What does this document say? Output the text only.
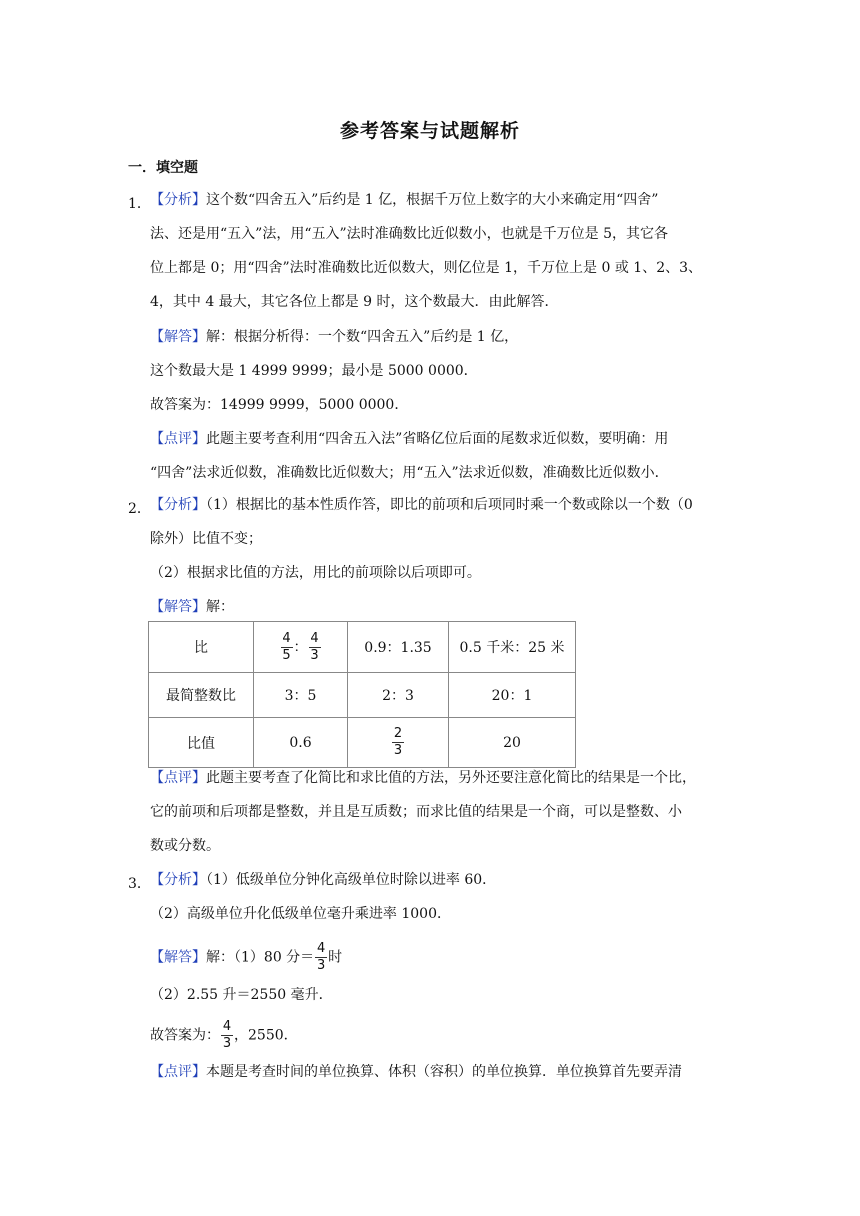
参考答案与试题解析
一．填空题
1． 【分析】这个数“四舍五入”后约是 1 亿，根据千万位上数字的大小来确定用“四舍”
法、还是用“五入”法，用“五入”法时准确数比近似数小，也就是千万位是 5，其它各
位上都是 0；用“四舍”法时准确数比近似数大，则亿位是 1，千万位上是 0 或 1、2、3、
4，其中 4 最大，其它各位上都是 9 时，这个数最大．由此解答．
【解答】解：根据分析得：一个数“四舍五入”后约是 1 亿，
这个数最大是 1 4999 9999；最小是 5000 0000．
故答案为：14999 9999，5000 0000．
【点评】此题主要考查利用“四舍五入法”省略亿位后面的尾数求近似数，要明确：用
“四舍”法求近似数，准确数比近似数大；用“五入”法求近似数，准确数比近似数小．
2． 【分析】（1）根据比的基本性质作答，即比的前项和后项同时乘一个数或除以一个数（0
除外）比值不变；
（2）根据求比值的方法，用比的前项除以后项即可。
【解答】解：
比	$\frac{4}{5}$ ： $\frac{4}{3}$	0.9：1.35	0.5 千米：25 米
最简整数比	3：5	2：3	20：1
比值	0.6	$\frac{2}{3}$	20
【点评】此题主要考查了化简比和求比值的方法，另外还要注意化简比的结果是一个比，
它的前项和后项都是整数，并且是互质数；而求比值的结果是一个商，可以是整数、小
数或分数。
3． 【分析】（1）低级单位分钟化高级单位时除以进率 60．
（2）高级单位升化低级单位毫升乘进率 1000．
【解答】解：（1）80 分＝ $\frac{4}{3}$ 时
（2）2.55 升＝2550 毫升．
故答案为： $\frac{4}{3}$ ，2550．
【点评】本题是考查时间的单位换算、体积（容积）的单位换算．单位换算首先要弄清
